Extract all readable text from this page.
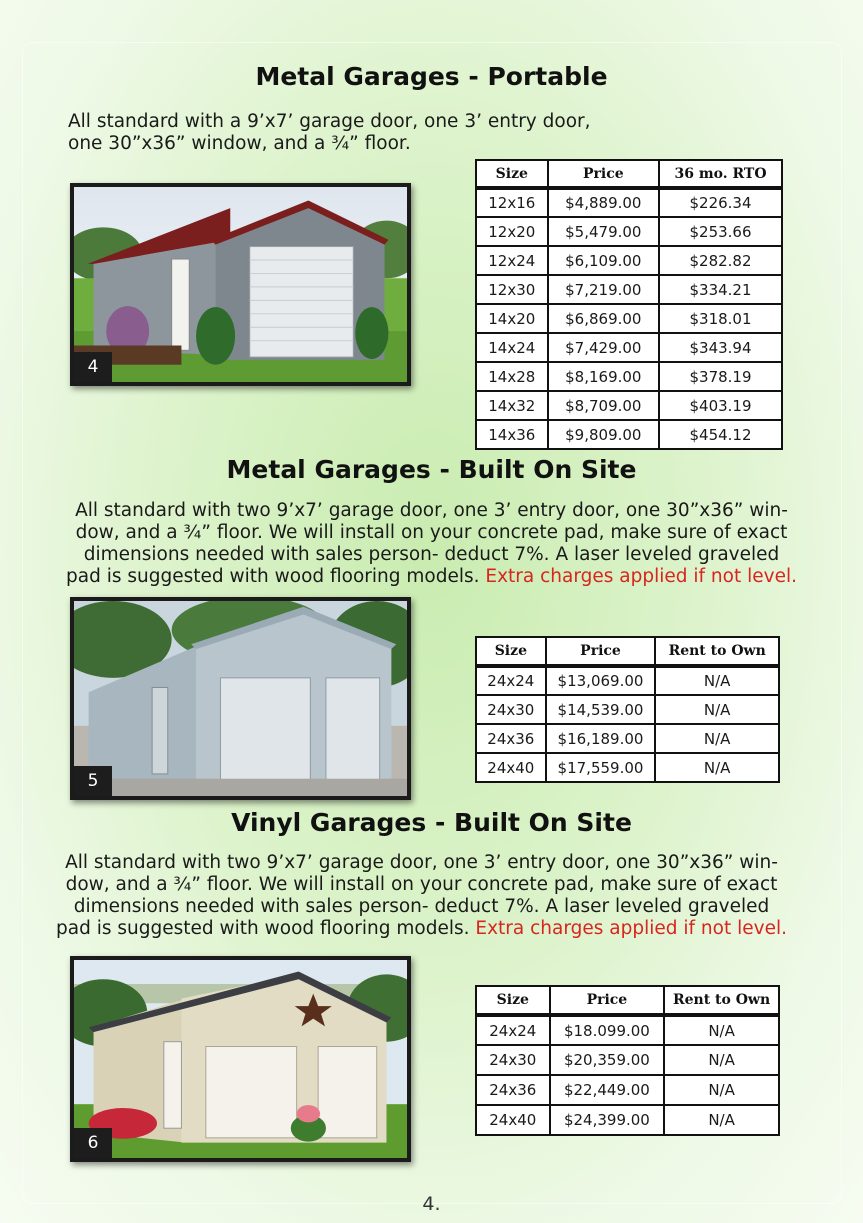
Metal Garages - Portable
All standard with a 9’x7’ garage door, one 3’ entry door,
one 30”x36” window, and a ¾” floor.
4
Size	Price	36 mo. RTO
12x16	$4,889.00	$226.34
12x20	$5,479.00	$253.66
12x24	$6,109.00	$282.82
12x30	$7,219.00	$334.21
14x20	$6,869.00	$318.01
14x24	$7,429.00	$343.94
14x28	$8,169.00	$378.19
14x32	$8,709.00	$403.19
14x36	$9,809.00	$454.12
Metal Garages - Built On Site
All standard with two 9’x7’ garage door, one 3’ entry door, one 30”x36” win-
dow, and a ¾” floor. We will install on your concrete pad, make sure of exact
dimensions needed with sales person- deduct 7%. A laser leveled graveled
pad is suggested with wood flooring models. Extra charges applied if not level.
5
Size	Price	Rent to Own
24x24	$13,069.00	N/A
24x30	$14,539.00	N/A
24x36	$16,189.00	N/A
24x40	$17,559.00	N/A
Vinyl Garages - Built On Site
All standard with two 9’x7’ garage door, one 3’ entry door, one 30”x36” win-
dow, and a ¾” floor. We will install on your concrete pad, make sure of exact
dimensions needed with sales person- deduct 7%. A laser leveled graveled
pad is suggested with wood flooring models. Extra charges applied if not level.
6
Size	Price	Rent to Own
24x24	$18.099.00	N/A
24x30	$20,359.00	N/A
24x36	$22,449.00	N/A
24x40	$24,399.00	N/A
4.
